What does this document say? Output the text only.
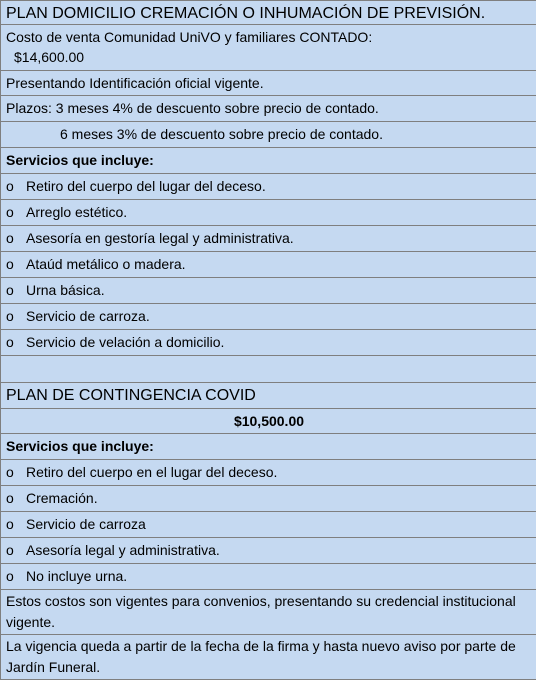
PLAN DOMICILIO CREMACIÓN O INHUMACIÓN DE PREVISIÓN.
Costo de venta Comunidad UniVO y familiares CONTADO:
$14,600.00
Presentando Identificación oficial vigente.
Plazos: 3 meses 4% de descuento sobre precio de contado.
6 meses 3% de descuento sobre precio de contado.
Servicios que incluye:
o Retiro del cuerpo del lugar del deceso.
o Arreglo estético.
o Asesoría en gestoría legal y administrativa.
o Ataúd metálico o madera.
o Urna básica.
o Servicio de carroza.
o Servicio de velación a domicilio.
PLAN DE CONTINGENCIA COVID
$10,500.00
Servicios que incluye:
o Retiro del cuerpo en el lugar del deceso.
o Cremación.
o Servicio de carroza
o Asesoría legal y administrativa.
o No incluye urna.
Estos costos son vigentes para convenios, presentando su credencial institucional vigente.
La vigencia queda a partir de la fecha de la firma y hasta nuevo aviso por parte de Jardín Funeral.
